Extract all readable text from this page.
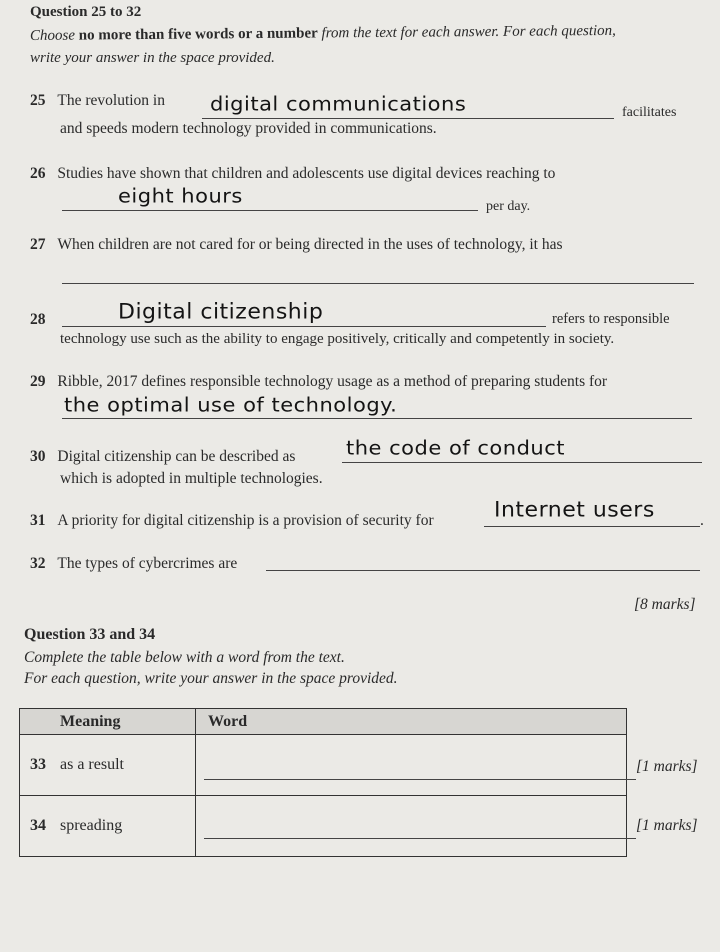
Question 25 to 32
Choose no more than five words or a number from the text for each answer. For each question,
write your answer in the space provided.
25 The revolution in digital communications	facilitates
and speeds modern technology provided in communications.
26 Studies have shown that children and adolescents use digital devices reaching to
eight hours	per day.
27 When children are not cared for or being directed in the uses of technology, it has
28	Digital citizenship	refers to responsible
technology use such as the ability to engage positively, critically and competently in society.
29 Ribble, 2017 defines responsible technology usage as a method of preparing students for
the optimal use of technology.
30 Digital citizenship can be described as the code of conduct
which is adopted in multiple technologies.
31 A priority for digital citizenship is a provision of security for	Internet users	.
32 The types of cybercrimes are
[8 marks]
Question 33 and 34
Complete the table below with a word from the text.
For each question, write your answer in the space provided.
Meaning	Word
33 as a result	

34 spreading	
[1 marks]
[1 marks]
